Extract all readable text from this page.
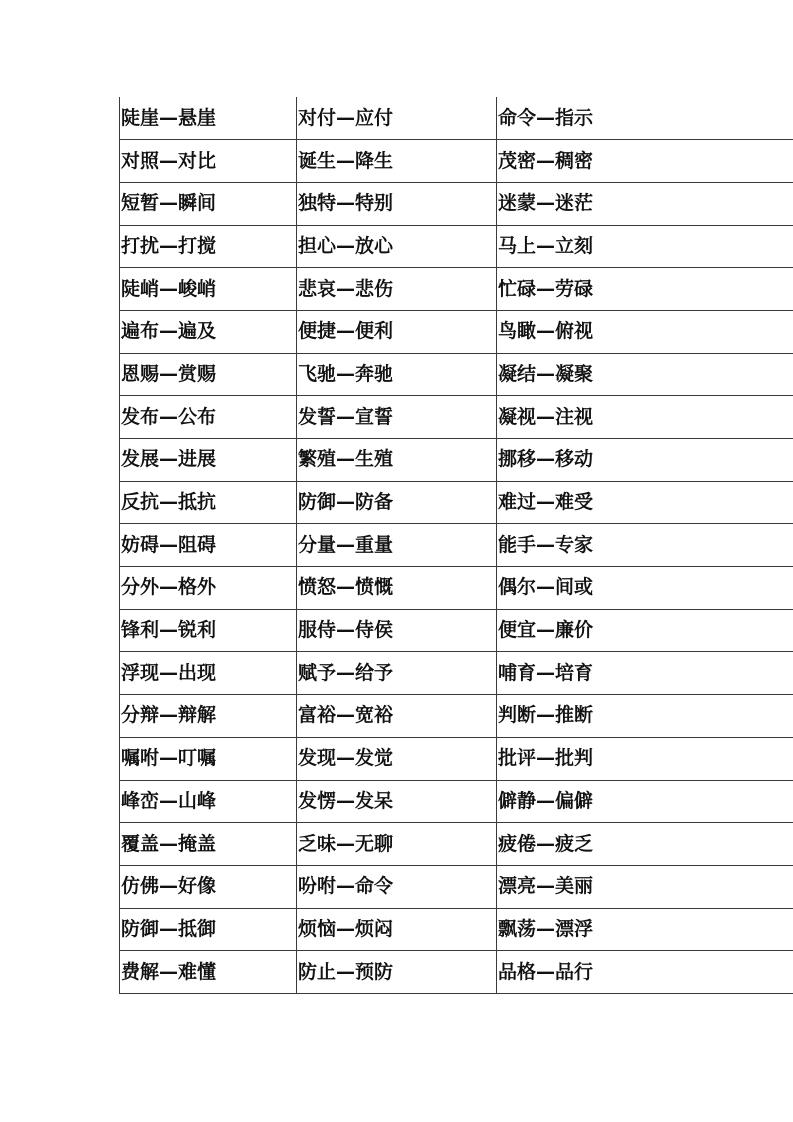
陡崖—悬崖	对付—应付	命令—指示
对照—对比	诞生—降生	茂密—稠密
短暂—瞬间	独特—特别	迷蒙—迷茫
打扰—打搅	担心—放心	马上—立刻
陡峭—峻峭	悲哀—悲伤	忙碌—劳碌
遍布—遍及	便捷—便利	鸟瞰—俯视
恩赐—赏赐	飞驰—奔驰	凝结—凝聚
发布—公布	发誓—宣誓	凝视—注视
发展—进展	繁殖—生殖	挪移—移动
反抗—抵抗	防御—防备	难过—难受
妨碍—阻碍	分量—重量	能手—专家
分外—格外	愤怒—愤慨	偶尔—间或
锋利—锐利	服侍—侍侯	便宜—廉价
浮现—出现	赋予—给予	哺育—培育
分辩—辩解	富裕—宽裕	判断—推断
嘱咐—叮嘱	发现—发觉	批评—批判
峰峦—山峰	发愣—发呆	僻静—偏僻
覆盖—掩盖	乏味—无聊	疲倦—疲乏
仿佛—好像	吩咐—命令	漂亮—美丽
防御—抵御	烦恼—烦闷	飘荡—漂浮
费解—难懂	防止—预防	品格—品行
